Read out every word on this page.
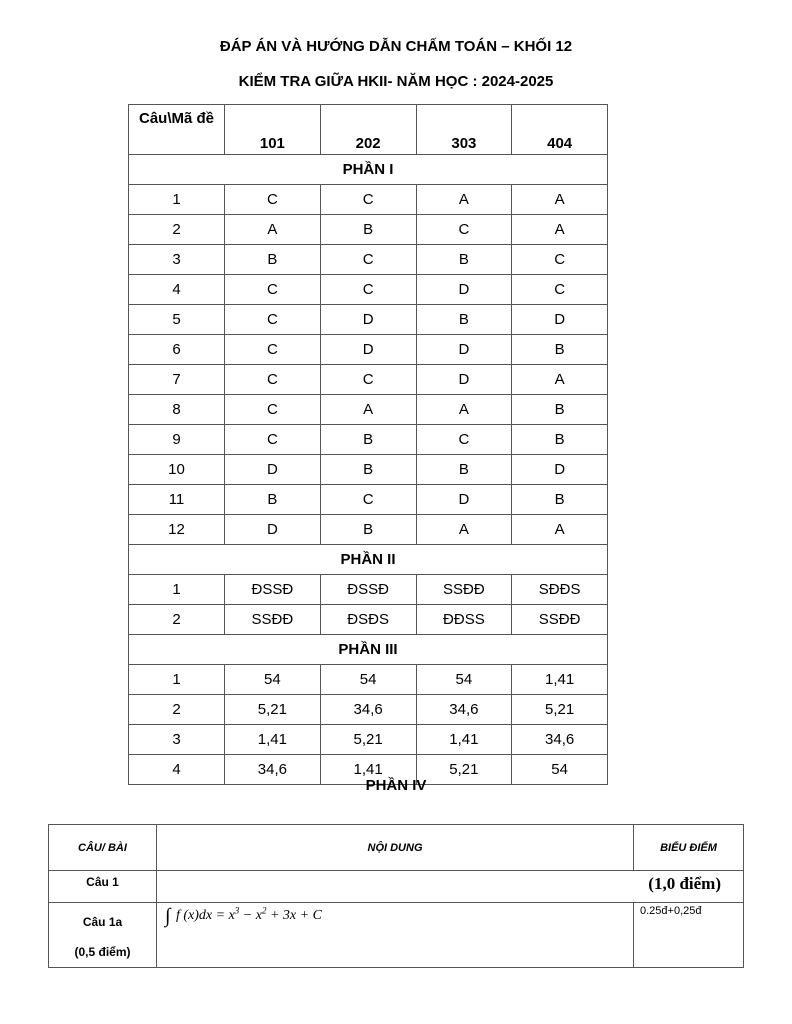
ĐÁP ÁN VÀ HƯỚNG DẪN CHẤM TOÁN – KHỐI 12
KIỂM TRA GIỮA HKII- NĂM HỌC : 2024-2025
Câu\Mã đề	101	202	303	404
PHẦN I				
1	C	C	A	A
2	A	B	C	A
3	B	C	B	C
4	C	C	D	C
5	C	D	B	D
6	C	D	D	B
7	C	C	D	A
8	C	A	A	B
9	C	B	C	B
10	D	B	B	D
11	B	C	D	B
12	D	B	A	A
PHẦN II				
1	ĐSSĐ	ĐSSĐ	SSĐĐ	SĐĐS
2	SSĐĐ	ĐSĐS	ĐĐSS	SSĐĐ
PHẦN III				
1	54	54	54	1,41
2	5,21	34,6	34,6	5,21
3	1,41	5,21	1,41	34,6
4	34,6	1,41	5,21	54
PHẦN IV
CÂU/ BÀI	NỘI DUNG	BIỂU ĐIỂM

Câu 1	(1,0 điểm)	

Câu 1a
(0,5 điểm)	∫ f $(x)dx = x^3 - x^2 + 3x + C$	0.25đ+0,25đ
